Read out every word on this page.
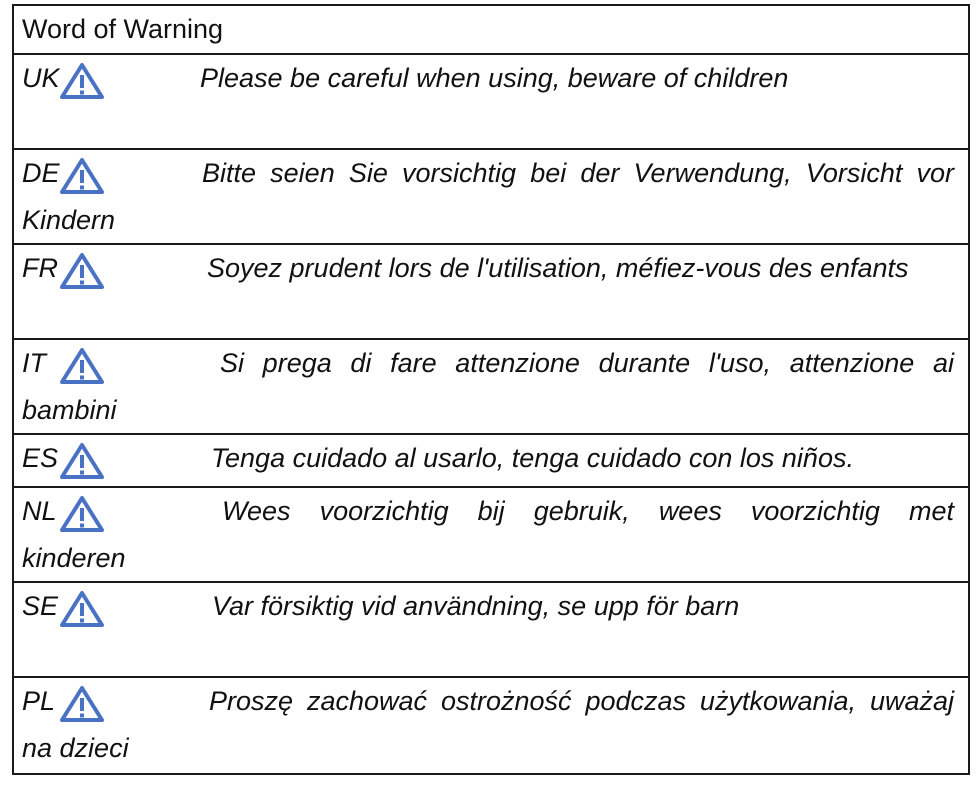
Word of Warning
UK	Please be careful when using, beware of children
DE	Bitte seien Sie vorsichtig bei der Verwendung, Vorsicht vor
Kindern
FR	Soyez prudent lors de l'utilisation, méfiez-vous des enfants
IT	Si prega di fare attenzione durante l'uso, attenzione ai
bambini
ES	Tenga cuidado al usarlo, tenga cuidado con los niños.
NL	Wees voorzichtig bij gebruik, wees voorzichtig met
kinderen
SE	Var försiktig vid användning, se upp för barn
PL	Proszę zachować ostrożność podczas użytkowania, uważaj
na dzieci
